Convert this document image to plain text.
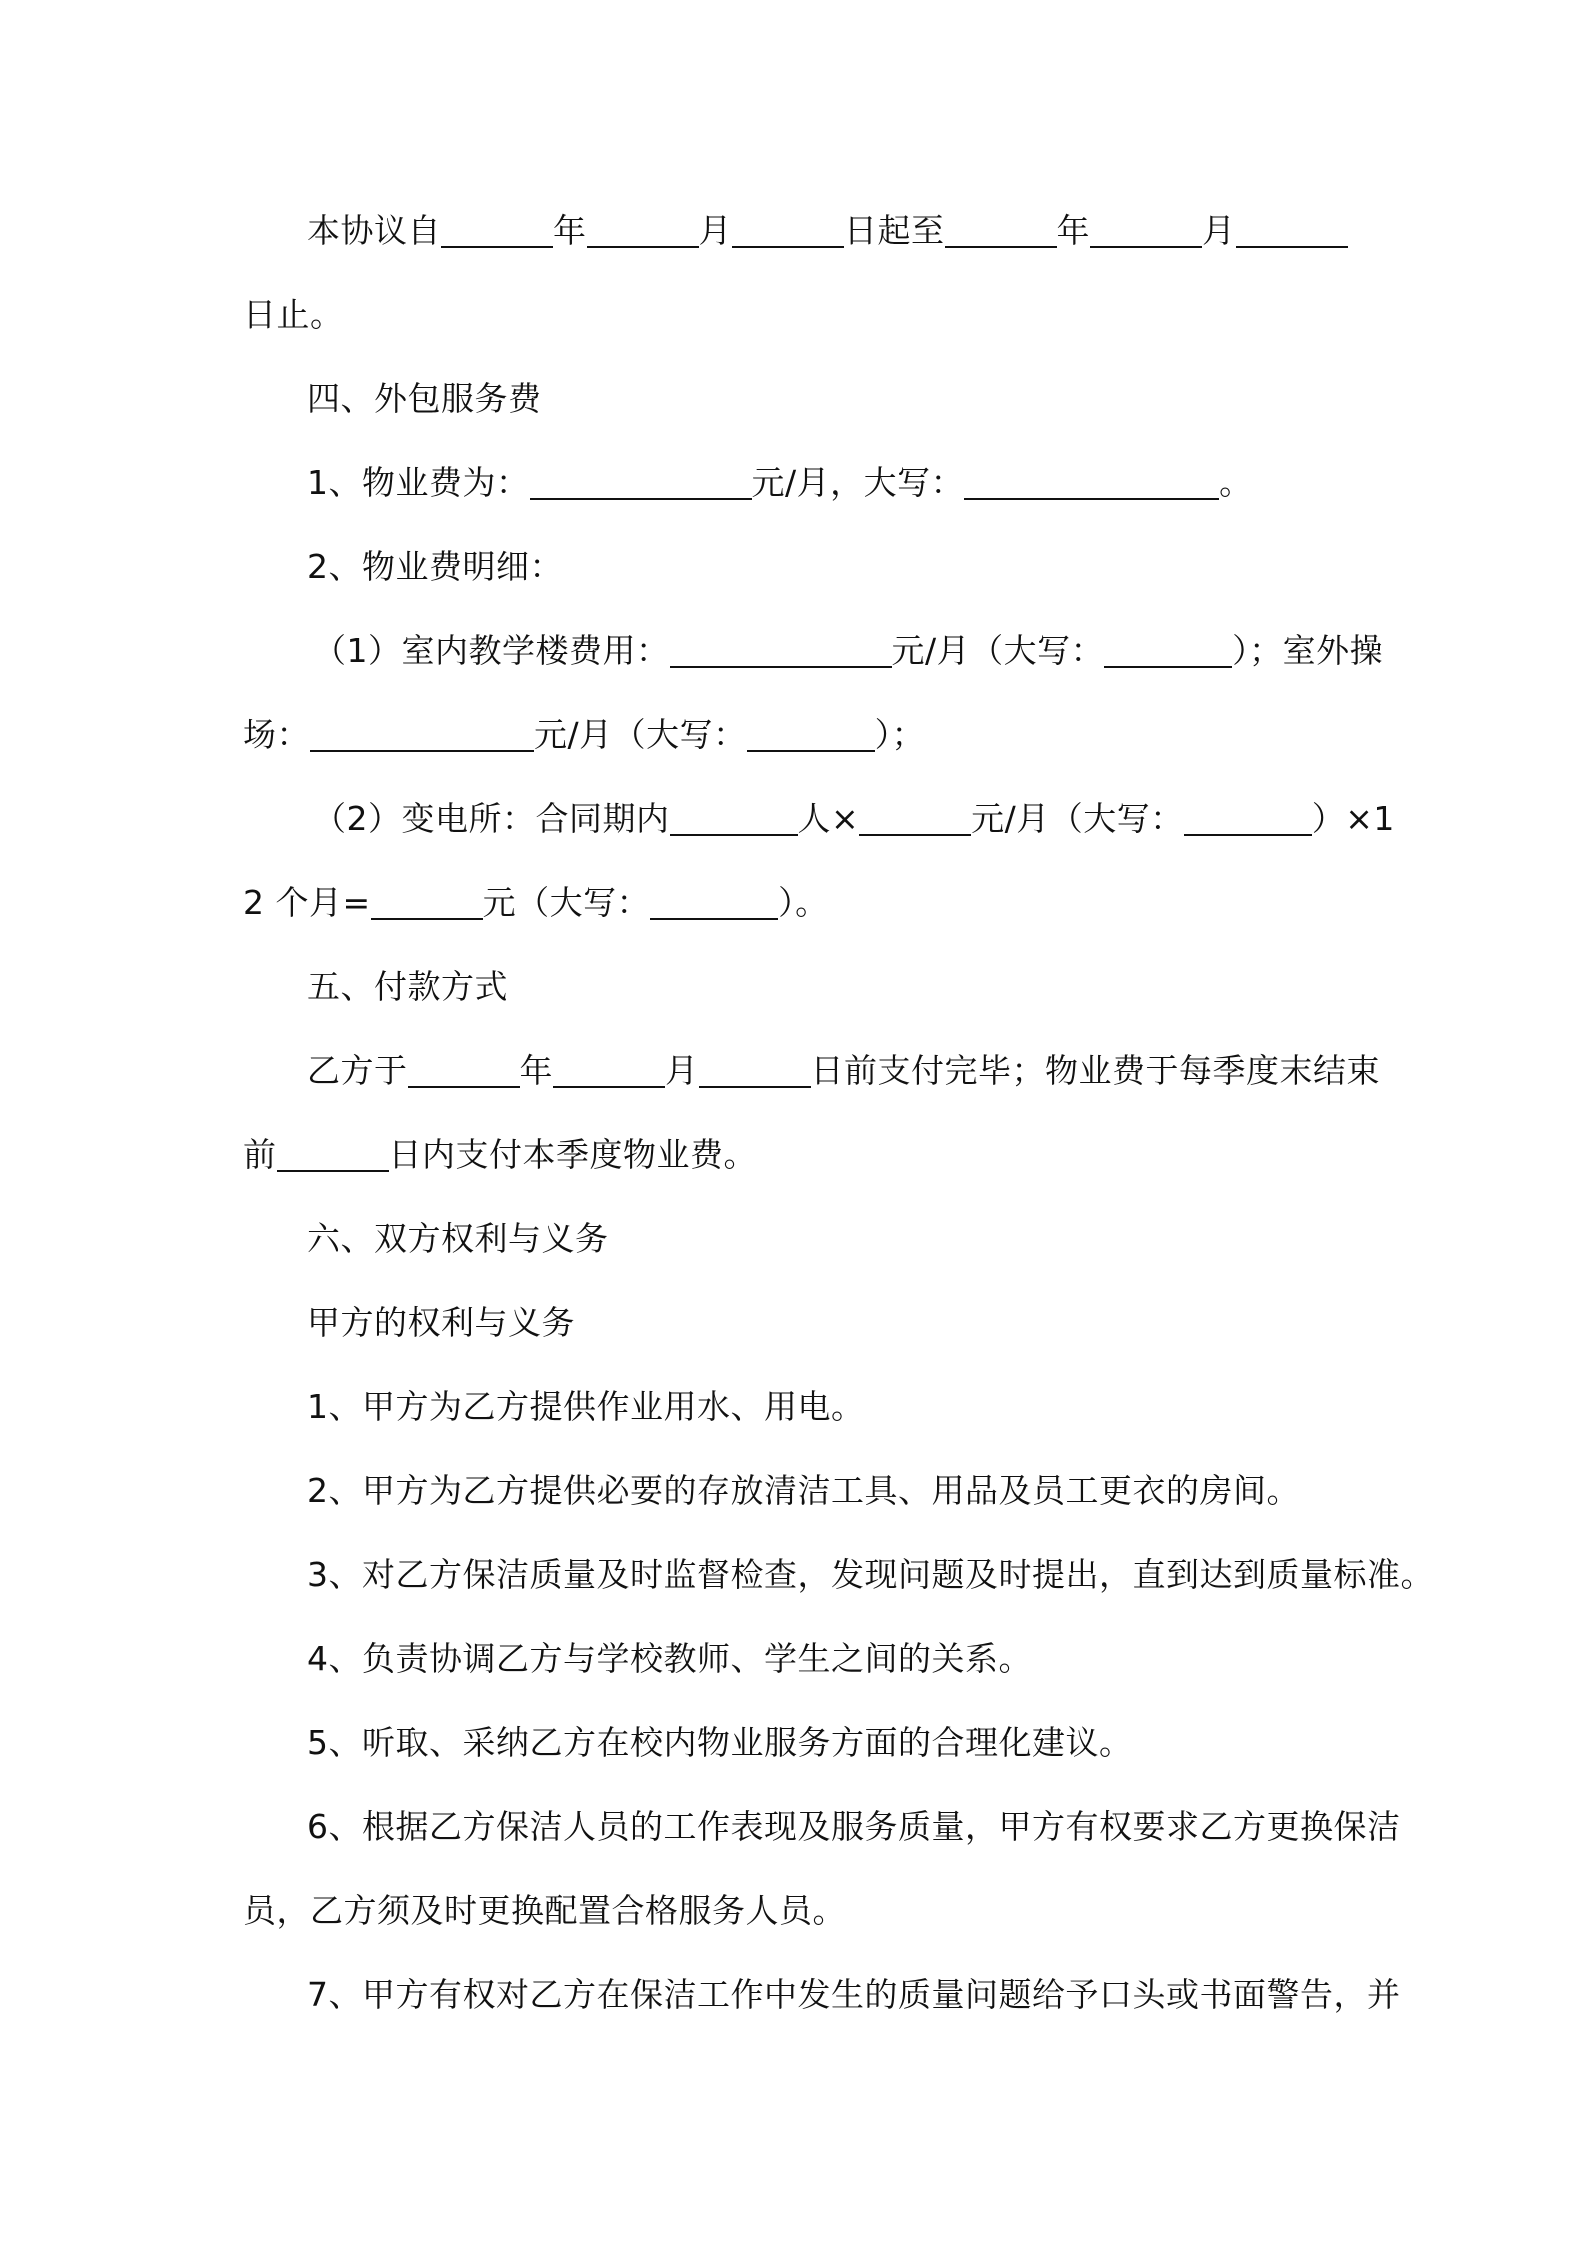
本协议自	年	月	日起至	年	月
日止。
四、外包服务费
1、物业费为：	元/月，大写：	。
2、物业费明细：
（1）室内教学楼费用：	元/月（大写：	）；室外操
场：	元/月（大写：	）；
（2）变电所：合同期内	人×	元/月（大写：	）×1
2 个月=	元（大写：	）。
五、付款方式
乙方于	年	月	日前支付完毕；物业费于每季度末结束
前	日内支付本季度物业费。
六、双方权利与义务
甲方的权利与义务
1、甲方为乙方提供作业用水、用电。
2、甲方为乙方提供必要的存放清洁工具、用品及员工更衣的房间。
3、对乙方保洁质量及时监督检查，发现问题及时提出，直到达到质量标准。
4、负责协调乙方与学校教师、学生之间的关系。
5、听取、采纳乙方在校内物业服务方面的合理化建议。
6、根据乙方保洁人员的工作表现及服务质量，甲方有权要求乙方更换保洁
员，乙方须及时更换配置合格服务人员。
7、甲方有权对乙方在保洁工作中发生的质量问题给予口头或书面警告，并
